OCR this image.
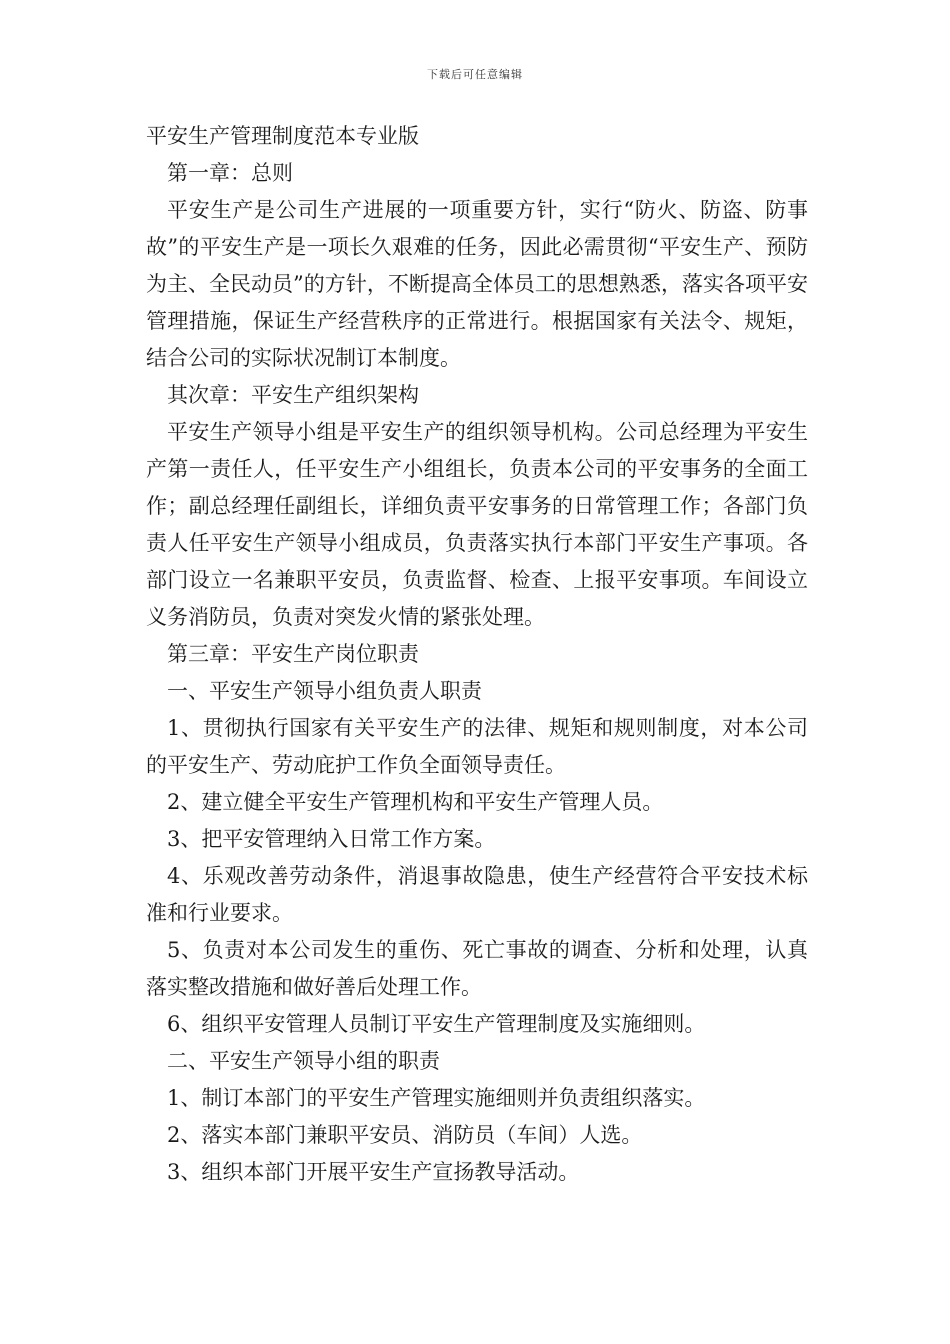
下载后可任意编辑

平安生产管理制度范本专业版

第一章：总则

平安生产是公司生产进展的一项重要方针，实行“防火、防盗、防事故”的平安生产是一项长久艰难的任务，因此必需贯彻“平安生产、预防为主、全民动员”的方针，不断提高全体员工的思想熟悉，落实各项平安管理措施，保证生产经营秩序的正常进行。根据国家有关法令、规矩，结合公司的实际状况制订本制度。

其次章：平安生产组织架构

平安生产领导小组是平安生产的组织领导机构。公司总经理为平安生产第一责任人，任平安生产小组组长，负责本公司的平安事务的全面工作；副总经理任副组长，详细负责平安事务的日常管理工作；各部门负责人任平安生产领导小组成员，负责落实执行本部门平安生产事项。各部门设立一名兼职平安员，负责监督、检查、上报平安事项。车间设立义务消防员，负责对突发火情的紧张处理。

第三章：平安生产岗位职责

一、平安生产领导小组负责人职责

1、贯彻执行国家有关平安生产的法律、规矩和规则制度，对本公司的平安生产、劳动庇护工作负全面领导责任。

2、建立健全平安生产管理机构和平安生产管理人员。

3、把平安管理纳入日常工作方案。

4、乐观改善劳动条件，消退事故隐患，使生产经营符合平安技术标准和行业要求。

5、负责对本公司发生的重伤、死亡事故的调查、分析和处理，认真落实整改措施和做好善后处理工作。

6、组织平安管理人员制订平安生产管理制度及实施细则。

二、平安生产领导小组的职责

1、制订本部门的平安生产管理实施细则并负责组织落实。

2、落实本部门兼职平安员、消防员（车间）人选。

3、组织本部门开展平安生产宣扬教导活动。
